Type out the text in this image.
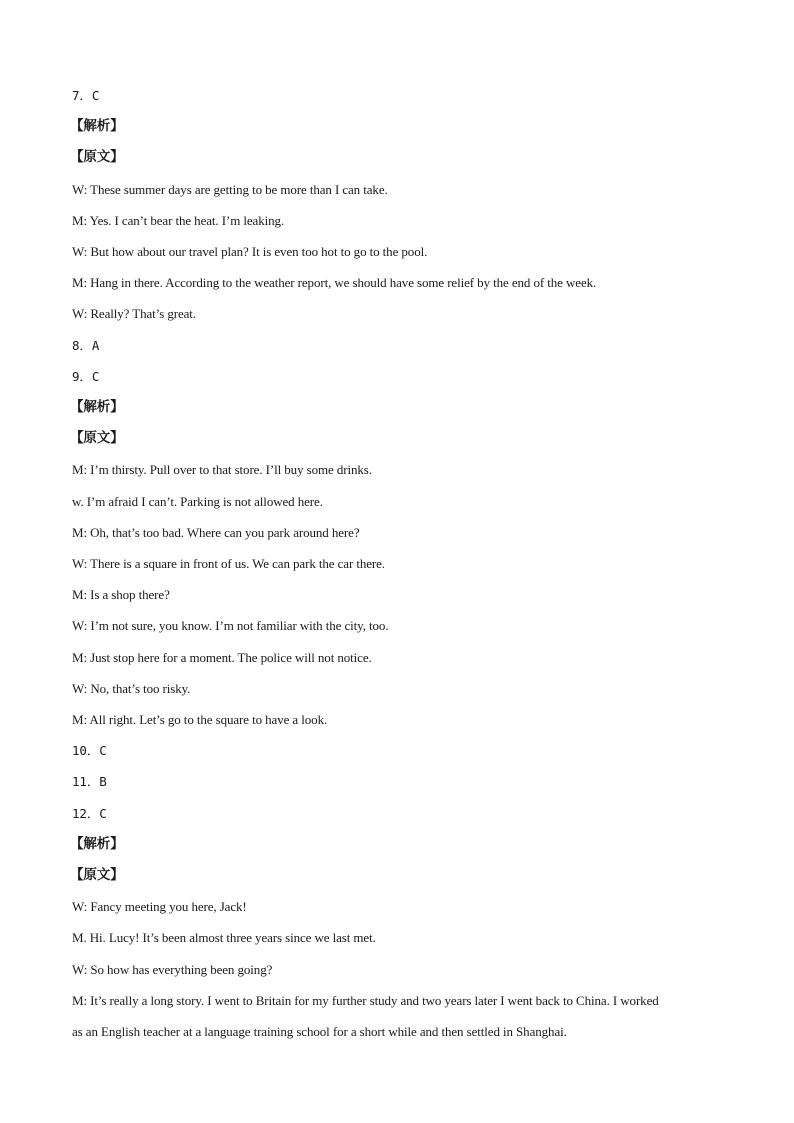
7．C
【解析】
【原文】
W: These summer days are getting to be more than I can take.
M: Yes. I can’t bear the heat. I’m leaking.
W: But how about our travel plan? It is even too hot to go to the pool.
M: Hang in there. According to the weather report, we should have some relief by the end of the week.
W: Really? That’s great.
8．A
9．C
【解析】
【原文】
M: I’m thirsty. Pull over to that store. I’ll buy some drinks.
w. I’m afraid I can’t. Parking is not allowed here.
M: Oh, that’s too bad. Where can you park around here?
W: There is a square in front of us. We can park the car there.
M: Is a shop there?
W: I’m not sure, you know. I’m not familiar with the city, too.
M: Just stop here for a moment. The police will not notice.
W: No, that’s too risky.
M: All right. Let’s go to the square to have a look.
10．C
11．B
12．C
【解析】
【原文】
W: Fancy meeting you here, Jack!
M. Hi. Lucy! It’s been almost three years since we last met.
W: So how has everything been going?
M: It’s really a long story. I went to Britain for my further study and two years later I went back to China. I worked
as an English teacher at a language training school for a short while and then settled in Shanghai.
